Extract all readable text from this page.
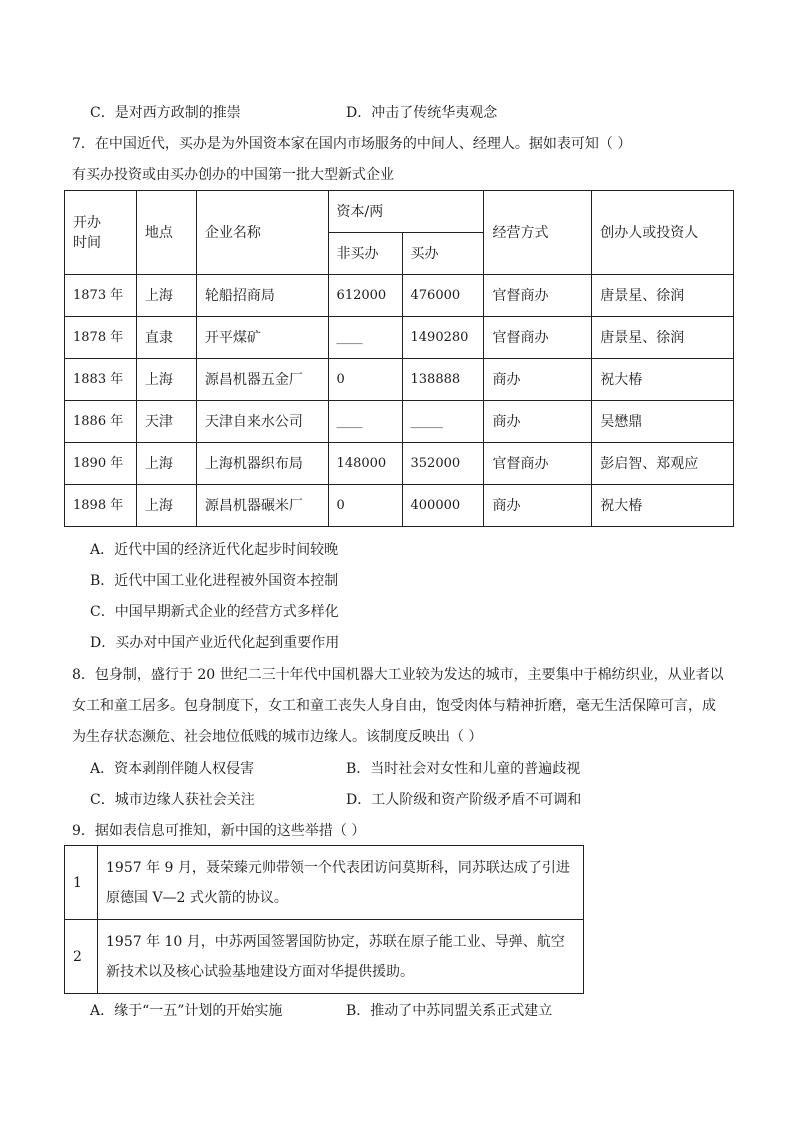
C．是对西方政制的推崇	D．冲击了传统华夷观念
7．在中国近代，买办是为外国资本家在国内市场服务的中间人、经理人。据如表可知（ ）
有买办投资或由买办创办的中国第一批大型新式企业
开办
时间	地点	企业名称	资本/两		经营方式	创办人或投资人
			非买办	买办		
1873 年	上海	轮船招商局	612000	476000	官督商办	唐景星、徐润
1878 年	直隶	开平煤矿	____	1490280	官督商办	唐景星、徐润
1883 年	上海	源昌机器五金厂	0	138888	商办	祝大椿
1886 年	天津	天津自来水公司	____	_____	商办	吴懋鼎
1890 年	上海	上海机器织布局	148000	352000	官督商办	彭启智、郑观应
1898 年	上海	源昌机器碾米厂	0	400000	商办	祝大椿
A．近代中国的经济近代化起步时间较晚
B．近代中国工业化进程被外国资本控制
C．中国早期新式企业的经营方式多样化
D．买办对中国产业近代化起到重要作用
8．包身制，盛行于 20 世纪二三十年代中国机器大工业较为发达的城市，主要集中于棉纺织业，从业者以
女工和童工居多。包身制度下，女工和童工丧失人身自由，饱受肉体与精神折磨，毫无生活保障可言，成
为生存状态濒危、社会地位低贱的城市边缘人。该制度反映出（ ）
A．资本剥削伴随人权侵害	B．当时社会对女性和儿童的普遍歧视
C．城市边缘人获社会关注	D．工人阶级和资产阶级矛盾不可调和
9．据如表信息可推知，新中国的这些举措（ ）
1	1957 年 9 月，聂荣臻元帅带领一个代表团访问莫斯科，同苏联达成了引进原德国 V—2 式火箭的协议。
2	1957 年 10 月，中苏两国签署国防协定，苏联在原子能工业、导弹、航空新技术以及核心试验基地建设方面对华提供援助。
A．缘于“一五”计划的开始实施	B．推动了中苏同盟关系正式建立
